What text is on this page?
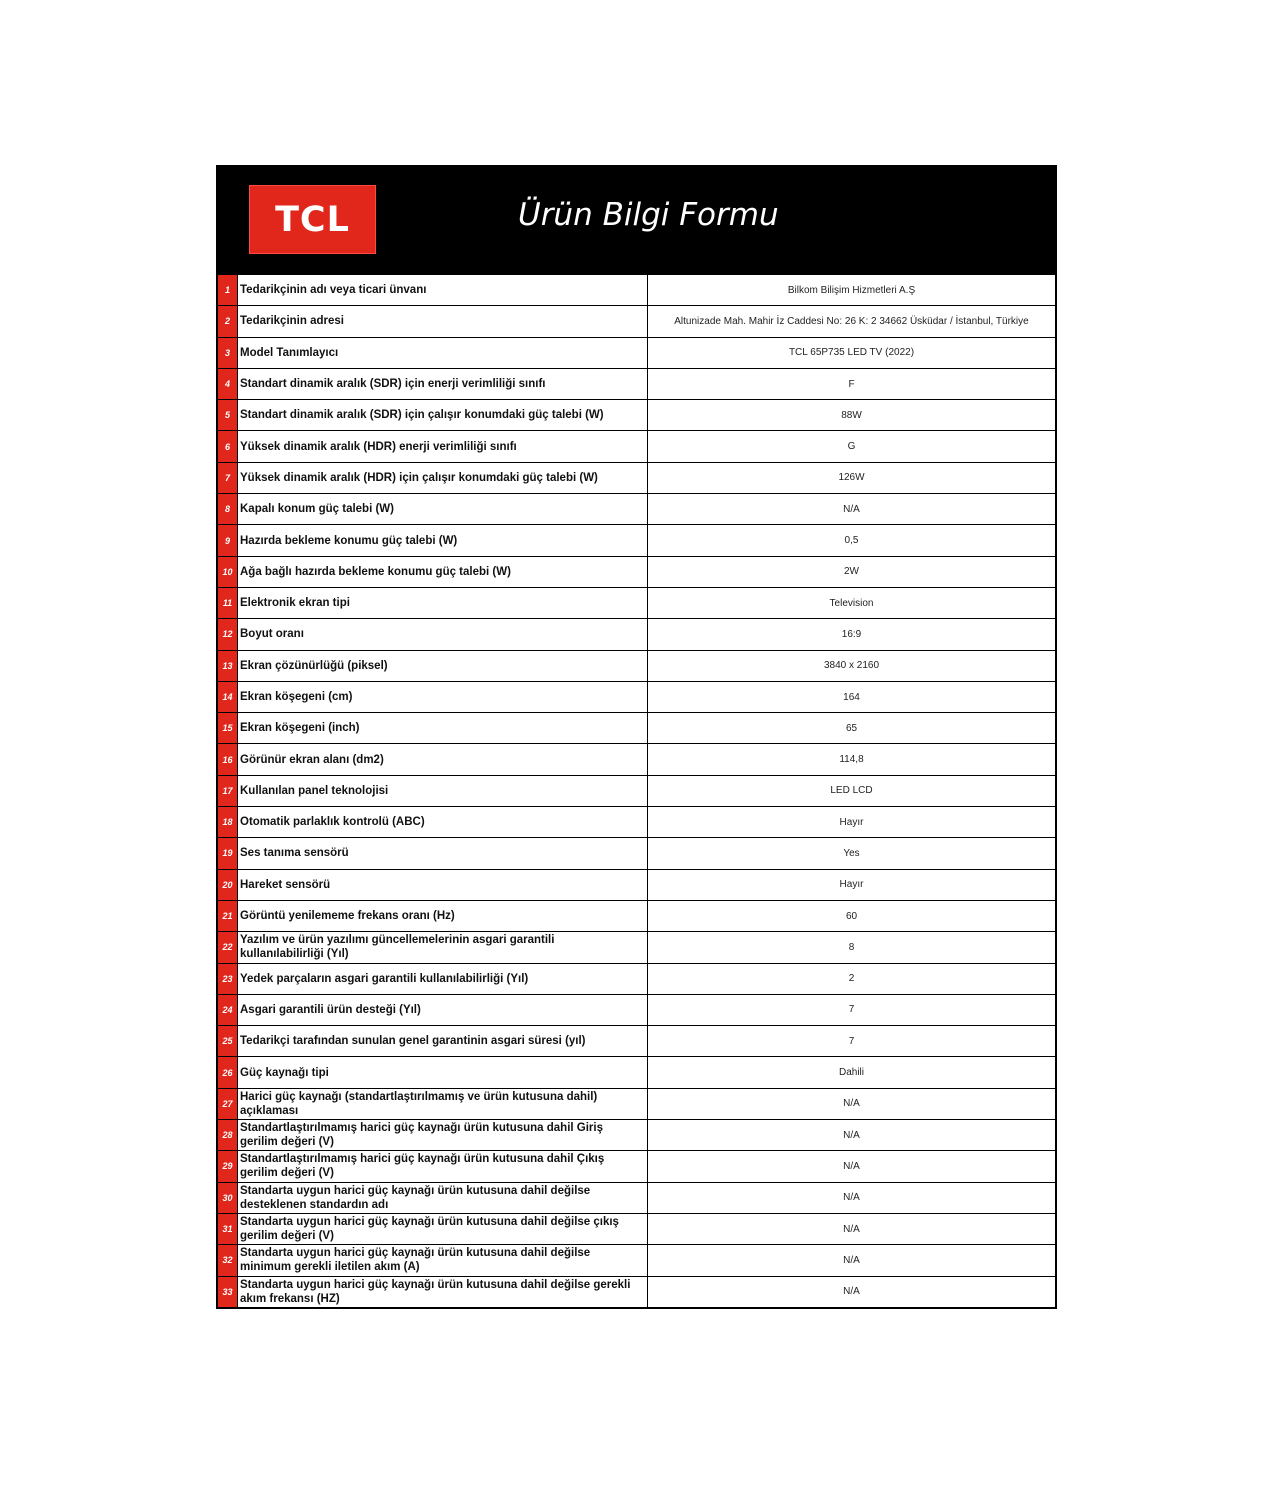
TCL	Ürün Bilgi Formu
1	Tedarikçinin adı veya ticari ünvanı	Bilkom Bilişim Hizmetleri A.Ş
2	Tedarikçinin adresi	Altunizade Mah. Mahir İz Caddesi No: 26 K: 2 34662 Üsküdar / İstanbul, Türkiye
3	Model Tanımlayıcı	TCL 65P735 LED TV (2022)
4	Standart dinamik aralık (SDR) için enerji verimliliği sınıfı	F
5	Standart dinamik aralık (SDR) için çalışır konumdaki güç talebi (W)	88W
6	Yüksek dinamik aralık (HDR) enerji verimliliği sınıfı	G
7	Yüksek dinamik aralık (HDR) için çalışır konumdaki güç talebi (W)	126W
8	Kapalı konum güç talebi (W)	N/A
9	Hazırda bekleme konumu güç talebi (W)	0,5
10	Ağa bağlı hazırda bekleme konumu güç talebi (W)	2W
11	Elektronik ekran tipi	Television
12	Boyut oranı	16:9
13	Ekran çözünürlüğü (piksel)	3840 x 2160
14	Ekran köşegeni (cm)	164
15	Ekran köşegeni (inch)	65
16	Görünür ekran alanı (dm2)	114,8
17	Kullanılan panel teknolojisi	LED LCD
18	Otomatik parlaklık kontrolü (ABC)	Hayır
19	Ses tanıma sensörü	Yes
20	Hareket sensörü	Hayır
21	Görüntü yenilememe frekans oranı (Hz)	60
22	Yazılım ve ürün yazılımı güncellemelerinin asgari garantili kullanılabilirliği (Yıl)	8
23	Yedek parçaların asgari garantili kullanılabilirliği (Yıl)	2
24	Asgari garantili ürün desteği (Yıl)	7
25	Tedarikçi tarafından sunulan genel garantinin asgari süresi (yıl)	7
26	Güç kaynağı tipi	Dahili
27	Harici güç kaynağı (standartlaştırılmamış ve ürün kutusuna dahil) açıklaması	N/A
28	Standartlaştırılmamış harici güç kaynağı ürün kutusuna dahil Giriş gerilim değeri (V)	N/A
29	Standartlaştırılmamış harici güç kaynağı ürün kutusuna dahil Çıkış gerilim değeri (V)	N/A
30	Standarta uygun harici güç kaynağı ürün kutusuna dahil değilse desteklenen standardın adı	N/A
31	Standarta uygun harici güç kaynağı ürün kutusuna dahil değilse çıkış gerilim değeri (V)	N/A
32	Standarta uygun harici güç kaynağı ürün kutusuna dahil değilse minimum gerekli iletilen akım (A)	N/A
33	Standarta uygun harici güç kaynağı ürün kutusuna dahil değilse gerekli akım frekansı (HZ)	N/A
